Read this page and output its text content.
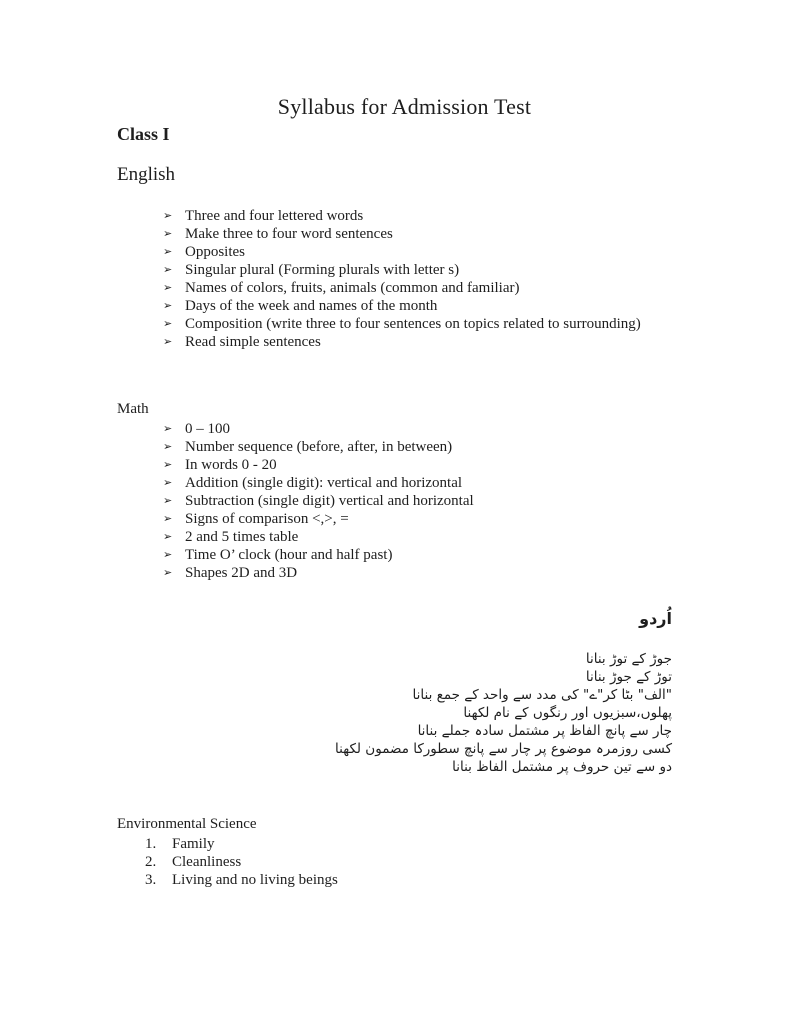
Syllabus for Admission Test
Class I
English
➢ Three and four lettered words
➢ Make three to four word sentences
➢ Opposites
➢ Singular plural (Forming plurals with letter s)
➢ Names of colors, fruits, animals (common and familiar)
➢ Days of the week and names of the month
➢ Composition (write three to four sentences on topics related to surrounding)
➢ Read simple sentences
Math
➢ 0 – 100
➢ Number sequence (before, after, in between)
➢ In words 0 - 20
➢ Addition (single digit): vertical and horizontal
➢ Subtraction (single digit) vertical and horizontal
➢ Signs of comparison <,>, =
➢ 2 and 5 times table
➢ Time O’ clock (hour and half past)
➢ Shapes 2D and 3D
اُردو
جوڑ کے توڑ بنانا
توڑ کے جوڑ بنانا
"الف" بٹا کر"ے" کی مدد سے واحد کے جمع بنانا
پھلوں،سبزیوں اور رنگوں کے نام لکھنا
چار سے پانچ الفاظ پر مشتمل سادہ جملے بنانا
کسی روزمرہ موضوع پر چار سے پانچ سطورکا مضمون لکھنا
دو سے تین حروف پر مشتمل الفاظ بنانا
Environmental Science
1.	Family
2.	Cleanliness
3.	Living and no living beings
